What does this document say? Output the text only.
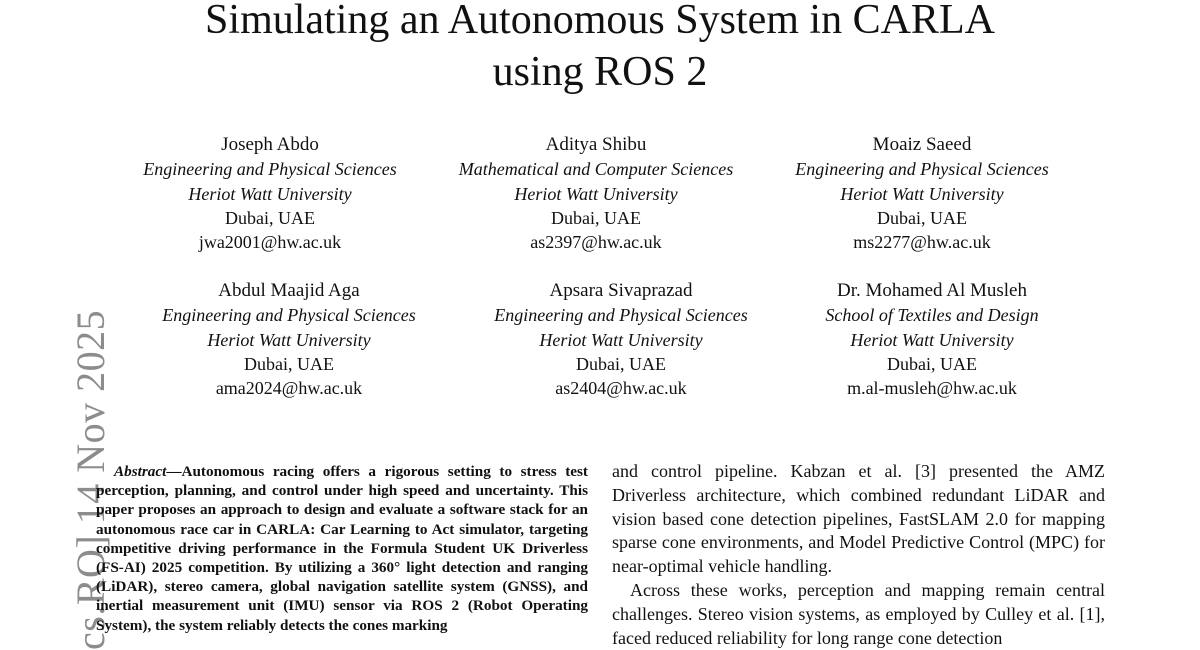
Simulating an Autonomous System in CARLA
using ROS 2
Joseph Abdo
Engineering and Physical Sciences
Heriot Watt University
Dubai, UAE
jwa2001@hw.ac.uk
Aditya Shibu
Mathematical and Computer Sciences
Heriot Watt University
Dubai, UAE
as2397@hw.ac.uk
Moaiz Saeed
Engineering and Physical Sciences
Heriot Watt University
Dubai, UAE
ms2277@hw.ac.uk
Abdul Maajid Aga
Engineering and Physical Sciences
Heriot Watt University
Dubai, UAE
ama2024@hw.ac.uk
Apsara Sivaprazad
Engineering and Physical Sciences
Heriot Watt University
Dubai, UAE
as2404@hw.ac.uk
Dr. Mohamed Al Musleh
School of Textiles and Design
Heriot Watt University
Dubai, UAE
m.al-musleh@hw.ac.uk
cs.RO] 14 Nov 2025 Abstract—Autonomous racing offers a rigorous setting to stress test perception, planning, and control under high speed and uncertainty. This paper proposes an approach to design and evaluate a software stack for an autonomous race car in CARLA: Car Learning to Act simulator, targeting competitive driving performance in the Formula Student UK Driverless (FS-AI) 2025 competition. By utilizing a 360° light detection and ranging (LiDAR), stereo camera, global navigation satellite system (GNSS), and inertial measurement unit (IMU) sensor via ROS 2 (Robot Operating System), the system reliably detects the cones marking

and control pipeline. Kabzan et al. [3] presented the AMZ Driverless architecture, which combined redundant LiDAR and vision based cone detection pipelines, FastSLAM 2.0 for mapping sparse cone environments, and Model Predictive Control (MPC) for near-optimal vehicle handling.

Across these works, perception and mapping remain central challenges. Stereo vision systems, as employed by Culley et al. [1], faced reduced reliability for long range cone detection
